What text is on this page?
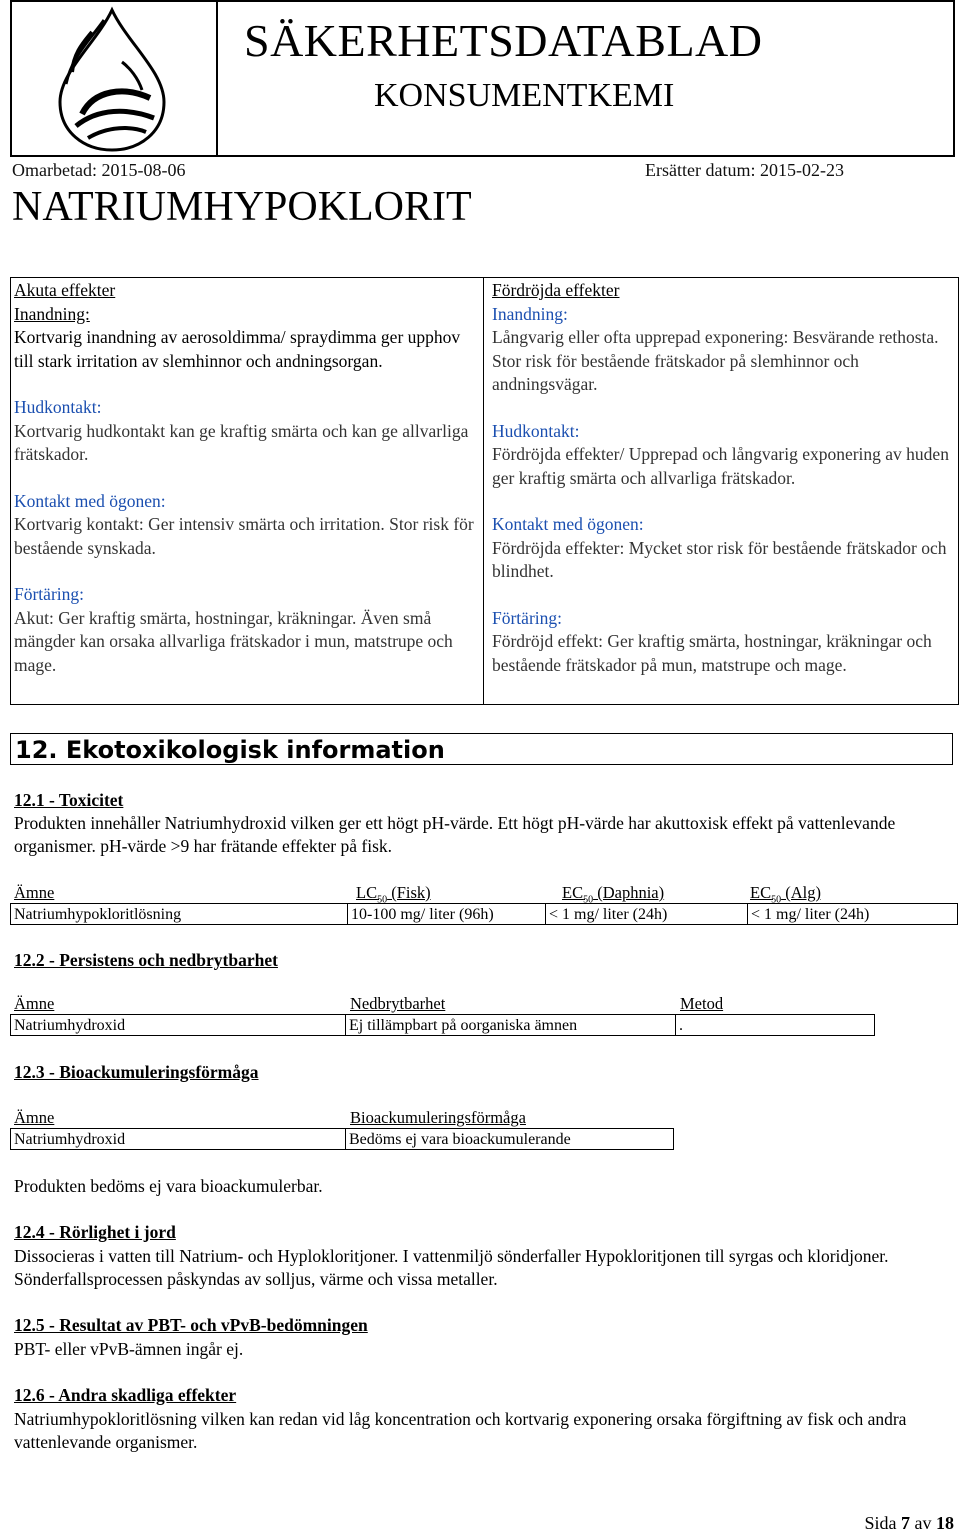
SÄKERHETSDATABLAD
KONSUMENTKEMI
Omarbetad: 2015-08-06	Ersätter datum: 2015-02-23
NATRIUMHYPOKLORIT
Akuta effekter
Inandning:
Kortvarig inandning av aerosoldimma/ spraydimma ger upphov till stark irritation av slemhinnor och andningsorgan.
Hudkontakt:
Kortvarig hudkontakt kan ge kraftig smärta och kan ge allvarliga frätskador.
Kontakt med ögonen:
Kortvarig kontakt: Ger intensiv smärta och irritation. Stor risk för bestående synskada.
Förtäring:
Akut: Ger kraftig smärta, hostningar, kräkningar. Även små mängder kan orsaka allvarliga frätskador i mun, matstrupe och mage.
Fördröjda effekter
Inandning:
Långvarig eller ofta upprepad exponering: Besvärande rethosta. Stor risk för bestående frätskador på slemhinnor och andningsvägar.
Hudkontakt:
Fördröjda effekter/ Upprepad och långvarig exponering av huden ger kraftig smärta och allvarliga frätskador.
Kontakt med ögonen:
Fördröjda effekter: Mycket stor risk för bestående frätskador och blindhet.
Förtäring:
Fördröjd effekt: Ger kraftig smärta, hostningar, kräkningar och bestående frätskador på mun, matstrupe och mage.
12. Ekotoxikologisk information
12.1 - Toxicitet
Produkten innehåller Natriumhydroxid vilken ger ett högt pH-värde. Ett högt pH-värde har akuttoxisk effekt på vattenlevande organismer. pH-värde >9 har frätande effekter på fisk.
Ämne	$LC_{50}$ (Fisk)	$EC_{50}$ (Daphnia)	$EC_{50}$ (Alg)
Natriumhypokloritlösning	10-100 mg/ liter (96h)	< 1 mg/ liter (24h)	< 1 mg/ liter (24h)
12.2 - Persistens och nedbrytbarhet
Ämne	Nedbrytbarhet	Metod
Natriumhydroxid	Ej tillämpbart på oorganiska ämnen	.
12.3 - Bioackumuleringsförmåga
Ämne	Bioackumuleringsförmåga
Natriumhydroxid	Bedöms ej vara bioackumulerande
Produkten bedöms ej vara bioackumulerbar.
12.4 - Rörlighet i jord
Dissocieras i vatten till Natrium- och Hyplokloritjoner. I vattenmiljö sönderfaller Hypokloritjonen till syrgas och kloridjoner. Sönderfallsprocessen påskyndas av solljus, värme och vissa metaller.
12.5 - Resultat av PBT- och vPvB-bedömningen
PBT- eller vPvB-ämnen ingår ej.
12.6 - Andra skadliga effekter
Natriumhypokloritlösning vilken kan redan vid låg koncentration och kortvarig exponering orsaka förgiftning av fisk och andra vattenlevande organismer.
Sida 7 av 18
